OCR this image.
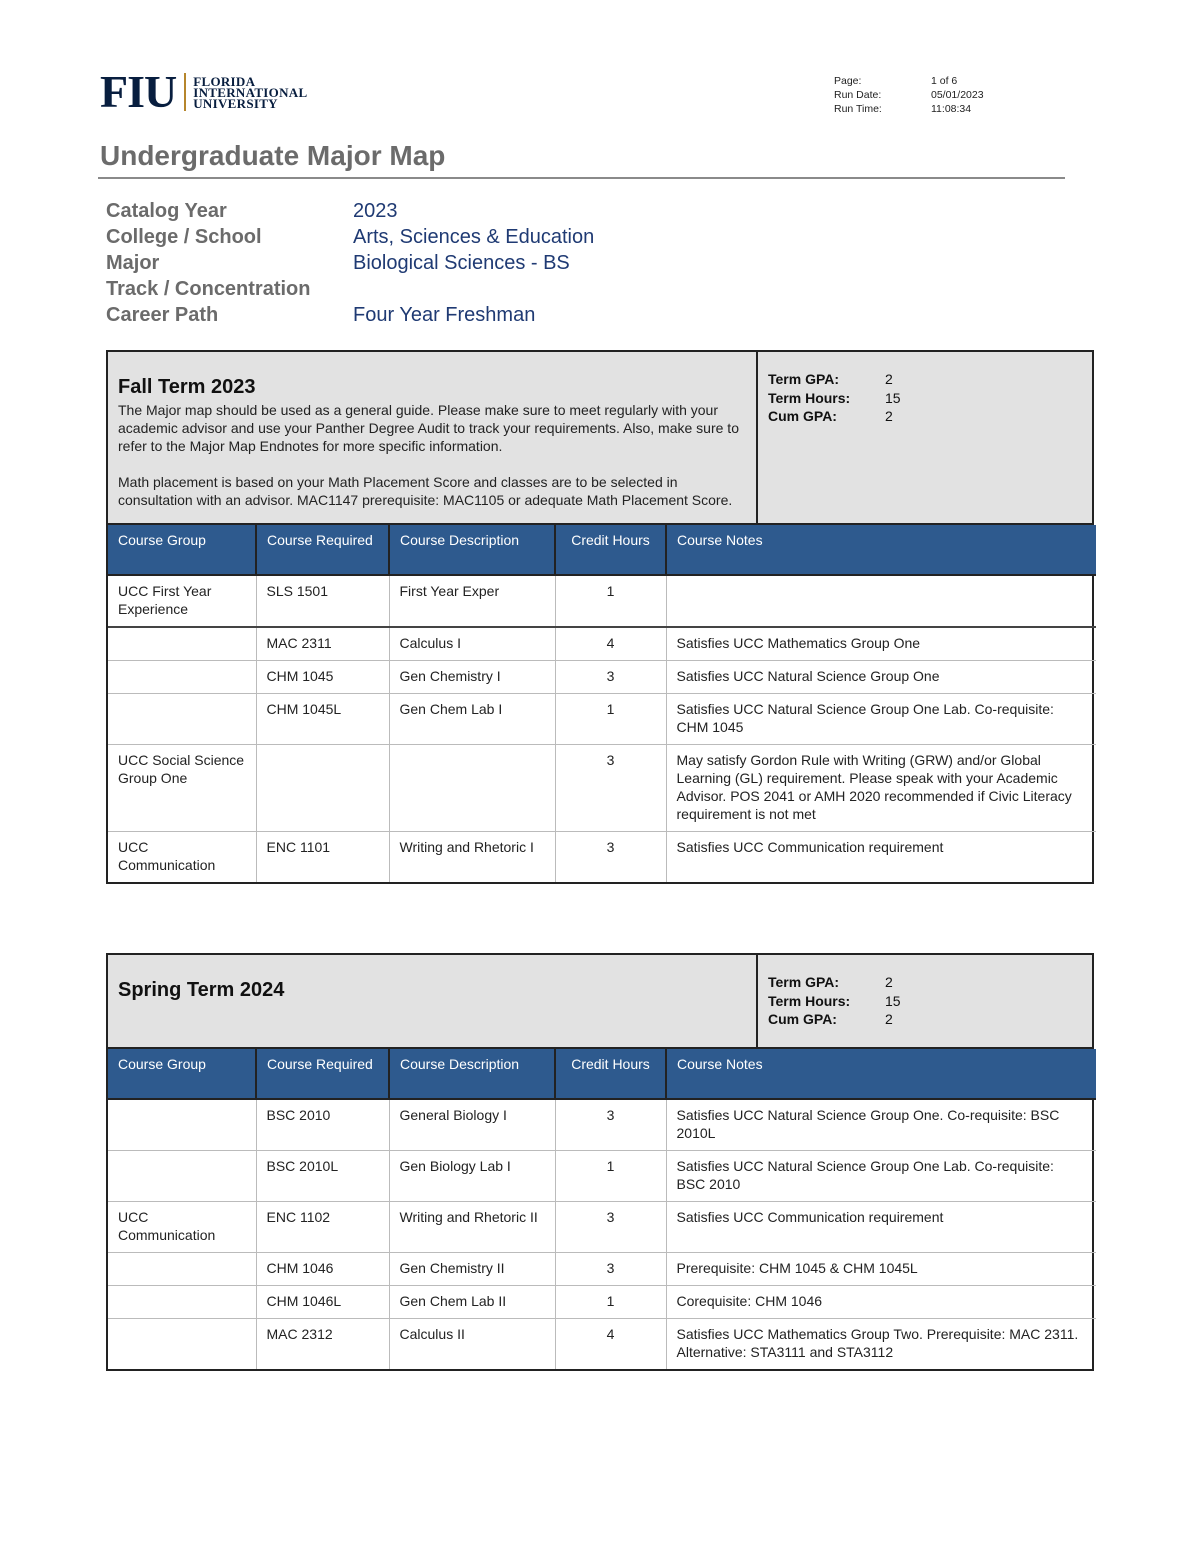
FIU FLORIDA
INTERNATIONAL
UNIVERSITY
Page:	1 of 6
Run Date:	05/01/2023
Run Time:	11:08:34
Undergraduate Major Map
Catalog Year	2023
College / School	Arts, Sciences & Education
Major	Biological Sciences - BS
Track / Concentration
Career Path	Four Year Freshman
Fall Term 2023
The Major map should be used as a general guide. Please make sure to meet regularly with your academic advisor and use your Panther Degree Audit to track your requirements. Also, make sure to refer to the Major Map Endnotes for more specific information.

Math placement is based on your Math Placement Score and classes are to be selected in consultation with an advisor. MAC1147 prerequisite: MAC1105 or adequate Math Placement Score.
Term GPA:	2
Term Hours:	15
Cum GPA:	2
Course Group	Course Required	Course Description	Credit Hours	Course Notes
UCC First Year Experience	SLS 1501	First Year Exper	1	
	MAC 2311	Calculus I	4	Satisfies UCC Mathematics Group One
	CHM 1045	Gen Chemistry I	3	Satisfies UCC Natural Science Group One
	CHM 1045L	Gen Chem Lab I	1	Satisfies UCC Natural Science Group One Lab. Co-requisite: CHM 1045
UCC Social Science Group One			3	May satisfy Gordon Rule with Writing (GRW) and/or Global Learning (GL) requirement. Please speak with your Academic Advisor. POS 2041 or AMH 2020 recommended if Civic Literacy requirement is not met
UCC Communication	ENC 1101	Writing and Rhetoric I	3	Satisfies UCC Communication requirement
Spring Term 2024	Term GPA:	2
Term Hours:	15
Cum GPA:	2
Course Group	Course Required	Course Description	Credit Hours	Course Notes
	BSC 2010	General Biology I	3	Satisfies UCC Natural Science Group One. Co-requisite: BSC 2010L
	BSC 2010L	Gen Biology Lab I	1	Satisfies UCC Natural Science Group One Lab. Co-requisite: BSC 2010
UCC Communication	ENC 1102	Writing and Rhetoric II	3	Satisfies UCC Communication requirement
	CHM 1046	Gen Chemistry II	3	Prerequisite: CHM 1045 & CHM 1045L
	CHM 1046L	Gen Chem Lab II	1	Corequisite: CHM 1046
	MAC 2312	Calculus II	4	Satisfies UCC Mathematics Group Two. Prerequisite: MAC 2311. Alternative: STA3111 and STA3112
